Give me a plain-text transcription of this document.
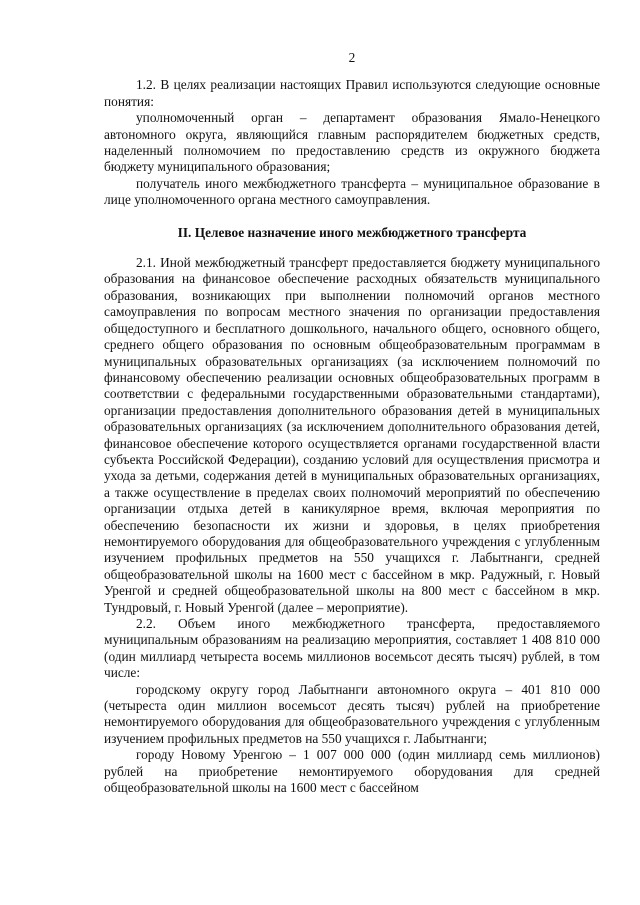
2

1.2. В целях реализации настоящих Правил используются следующие основные понятия:

уполномоченный орган – департамент образования Ямало-Ненецкого автономного округа, являющийся главным распорядителем бюджетных средств, наделенный полномочием по предоставлению средств из окружного бюджета бюджету муниципального образования;

получатель иного межбюджетного трансферта – муниципальное образование в лице уполномоченного органа местного самоуправления.

II. Целевое назначение иного межбюджетного трансферта

2.1. Иной межбюджетный трансферт предоставляется бюджету муниципального образования на финансовое обеспечение расходных обязательств муниципального образования, возникающих при выполнении полномочий органов местного самоуправления по вопросам местного значения по организации предоставления общедоступного и бесплатного дошкольного, начального общего, основного общего, среднего общего образования по основным общеобразовательным программам в муниципальных образовательных организациях (за исключением полномочий по финансовому обеспечению реализации основных общеобразовательных программ в соответствии с федеральными государственными образовательными стандартами), организации предоставления дополнительного образования детей в муниципальных образовательных организациях (за исключением дополнительного образования детей, финансовое обеспечение которого осуществляется органами государственной власти субъекта Российской Федерации), созданию условий для осуществления присмотра и ухода за детьми, содержания детей в муниципальных образовательных организациях, а также осуществление в пределах своих полномочий мероприятий по обеспечению организации отдыха детей в каникулярное время, включая мероприятия по обеспечению безопасности их жизни и здоровья, в целях приобретения немонтируемого оборудования для общеобразовательного учреждения с углубленным изучением профильных предметов на 550 учащихся г. Лабытнанги, средней общеобразовательной школы на 1600 мест с бассейном в мкр. Радужный, г. Новый Уренгой и средней общеобразовательной школы на 800 мест с бассейном в мкр. Тундровый, г. Новый Уренгой (далее – мероприятие).

2.2. Объем иного межбюджетного трансферта, предоставляемого муниципальным образованиям на реализацию мероприятия, составляет 1 408 810 000 (один миллиард четыреста восемь миллионов восемьсот десять тысяч) рублей, в том числе:

городскому округу город Лабытнанги автономного округа – 401 810 000 (четыреста один миллион восемьсот десять тысяч) рублей на приобретение немонтируемого оборудования для общеобразовательного учреждения с углубленным изучением профильных предметов на 550 учащихся г. Лабытнанги;

городу Новому Уренгою – 1 007 000 000 (один миллиард семь миллионов) рублей на приобретение немонтируемого оборудования для средней общеобразовательной школы на 1600 мест с бассейном
